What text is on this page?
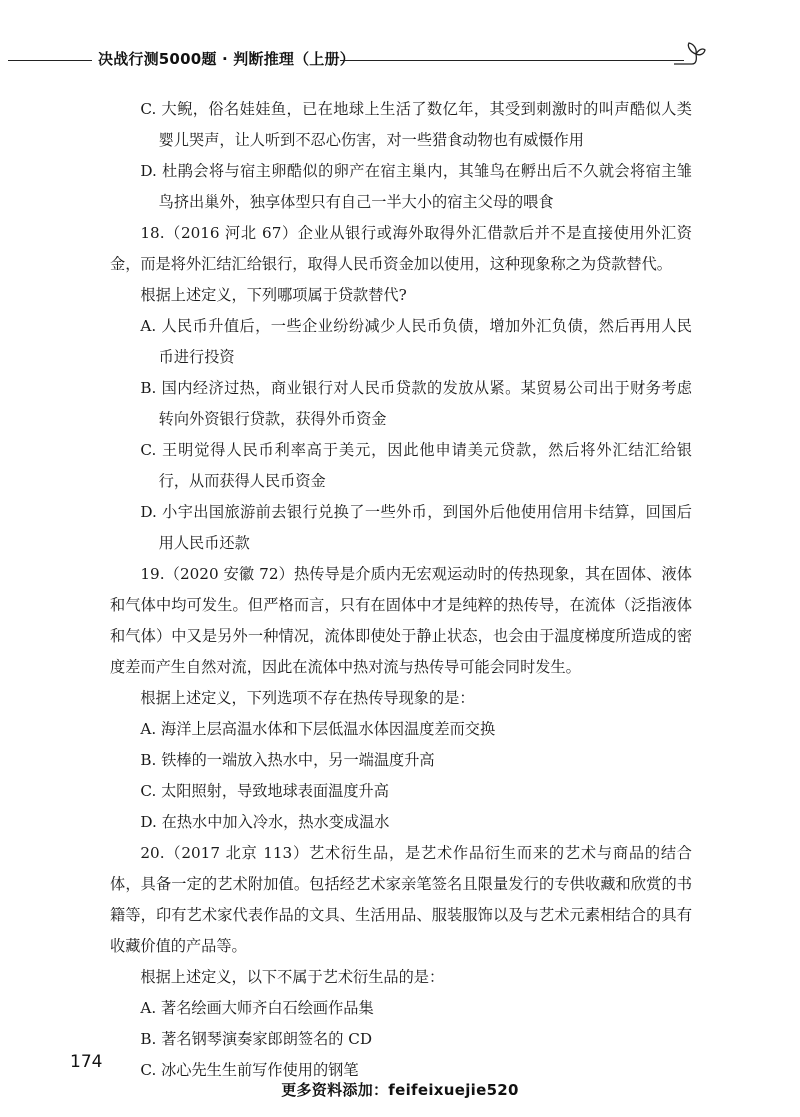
决战行测5000题 · 判断推理（上册）

C. 大鲵，俗名娃娃鱼，已在地球上生活了数亿年，其受到刺激时的叫声酷似人类婴儿哭声，让人听到不忍心伤害，对一些猎食动物也有威慑作用

D. 杜鹃会将与宿主卵酷似的卵产在宿主巢内，其雏鸟在孵出后不久就会将宿主雏鸟挤出巢外，独享体型只有自己一半大小的宿主父母的喂食

18.（2016 河北 67）企业从银行或海外取得外汇借款后并不是直接使用外汇资金，而是将外汇结汇给银行，取得人民币资金加以使用，这种现象称之为贷款替代。

根据上述定义，下列哪项属于贷款替代?

A. 人民币升值后，一些企业纷纷减少人民币负债，增加外汇负债，然后再用人民币进行投资

B. 国内经济过热，商业银行对人民币贷款的发放从紧。某贸易公司出于财务考虑转向外资银行贷款，获得外币资金

C. 王明觉得人民币利率高于美元，因此他申请美元贷款，然后将外汇结汇给银行，从而获得人民币资金

D. 小宇出国旅游前去银行兑换了一些外币，到国外后他使用信用卡结算，回国后用人民币还款

19.（2020 安徽 72）热传导是介质内无宏观运动时的传热现象，其在固体、液体和气体中均可发生。但严格而言，只有在固体中才是纯粹的热传导，在流体（泛指液体和气体）中又是另外一种情况，流体即使处于静止状态，也会由于温度梯度所造成的密度差而产生自然对流，因此在流体中热对流与热传导可能会同时发生。

根据上述定义，下列选项不存在热传导现象的是：

A. 海洋上层高温水体和下层低温水体因温度差而交换

B. 铁棒的一端放入热水中，另一端温度升高

C. 太阳照射，导致地球表面温度升高

D. 在热水中加入冷水，热水变成温水

20.（2017 北京 113）艺术衍生品，是艺术作品衍生而来的艺术与商品的结合体，具备一定的艺术附加值。包括经艺术家亲笔签名且限量发行的专供收藏和欣赏的书籍等，印有艺术家代表作品的文具、生活用品、服装服饰以及与艺术元素相结合的具有收藏价值的产品等。

根据上述定义，以下不属于艺术衍生品的是：

A. 著名绘画大师齐白石绘画作品集

B. 著名钢琴演奏家郎朗签名的 CD

C. 冰心先生生前写作使用的钢笔

174
更多资料添加：feifeixuejie520
